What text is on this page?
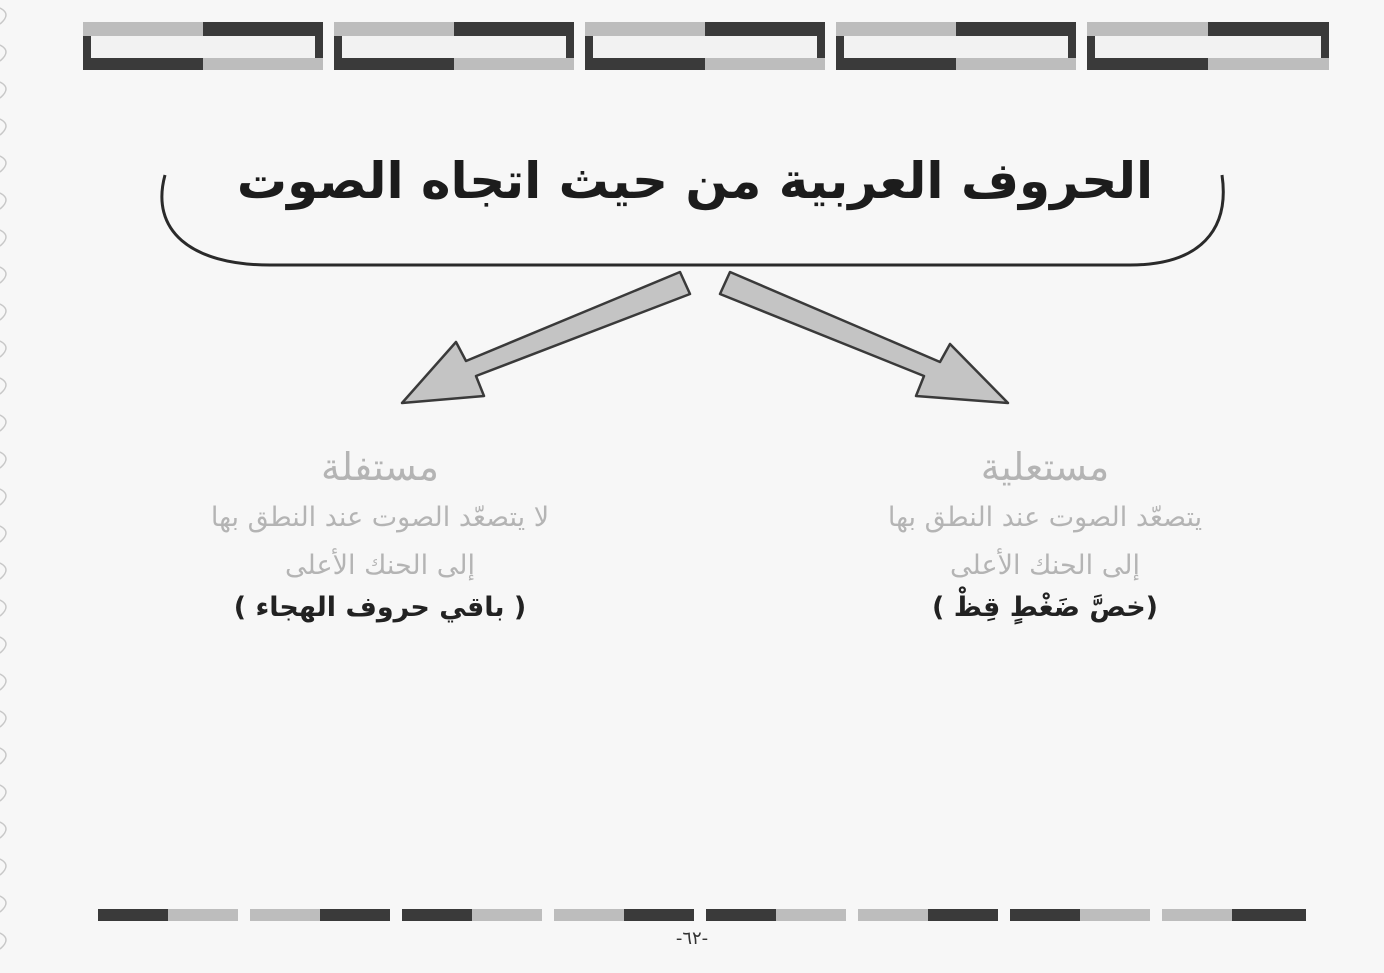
الحروف العربية من حيث اتجاه الصوت
مستعلية
يتصعّد الصوت عند النطق بها
إلى الحنك الأعلى
(خصَّ ضَغْطٍ قِظْ )
مستفلة
لا يتصعّد الصوت عند النطق بها
إلى الحنك الأعلى
( باقي حروف الهجاء )
-٦٢-
